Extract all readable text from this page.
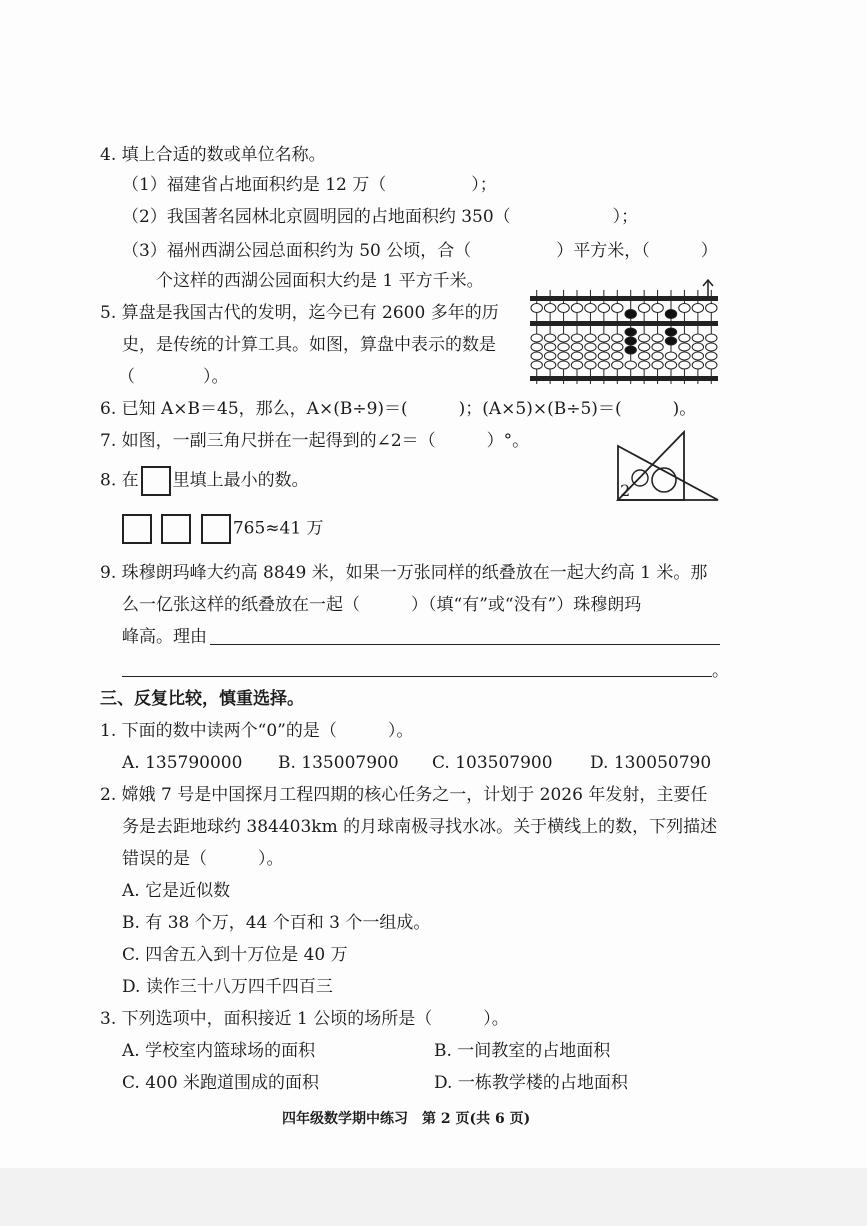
4. 填上合适的数或单位名称。
（1）福建省占地面积约是 12 万（　　　　　）；
（2）我国著名园林北京圆明园的占地面积约 350（　　　　　　）；
（3）福州西湖公园总面积约为 50 公顷，合（　　　　　）平方米，（　　　）
个这样的西湖公园面积大约是 1 平方千米。
5. 算盘是我国古代的发明，迄今已有 2600 多年的历
史，是传统的计算工具。如图，算盘中表示的数是
（　　　　）。
6. 已知 A×B＝45，那么，A×(B÷9)＝(　　　)；(A×5)×(B÷5)＝(　　　)。
7. 如图，一副三角尺拼在一起得到的∠2＝（　　　）°。
2
8. 在 里填上最小的数。
765≈41 万
9. 珠穆朗玛峰大约高 8849 米，如果一万张同样的纸叠放在一起大约高 1 米。那
么一亿张这样的纸叠放在一起（　　　）（填“有”或“没有”）珠穆朗玛
峰高。理由
。
三、反复比较，慎重选择。
1. 下面的数中读两个“0”的是（　　　）。
A. 135790000 B. 135007900 C. 103507900 D. 130050790
2. 嫦娥 7 号是中国探月工程四期的核心任务之一，计划于 2026 年发射，主要任
务是去距地球约 384403km 的月球南极寻找水冰。关于横线上的数，下列描述
错误的是（　　　）。
A. 它是近似数
B. 有 38 个万，44 个百和 3 个一组成。
C. 四舍五入到十万位是 40 万
D. 读作三十八万四千四百三
3. 下列选项中，面积接近 1 公顷的场所是（　　　）。
A. 学校室内篮球场的面积	B. 一间教室的占地面积
C. 400 米跑道围成的面积	D. 一栋教学楼的占地面积
四年级数学期中练习　第 2 页(共 6 页)
